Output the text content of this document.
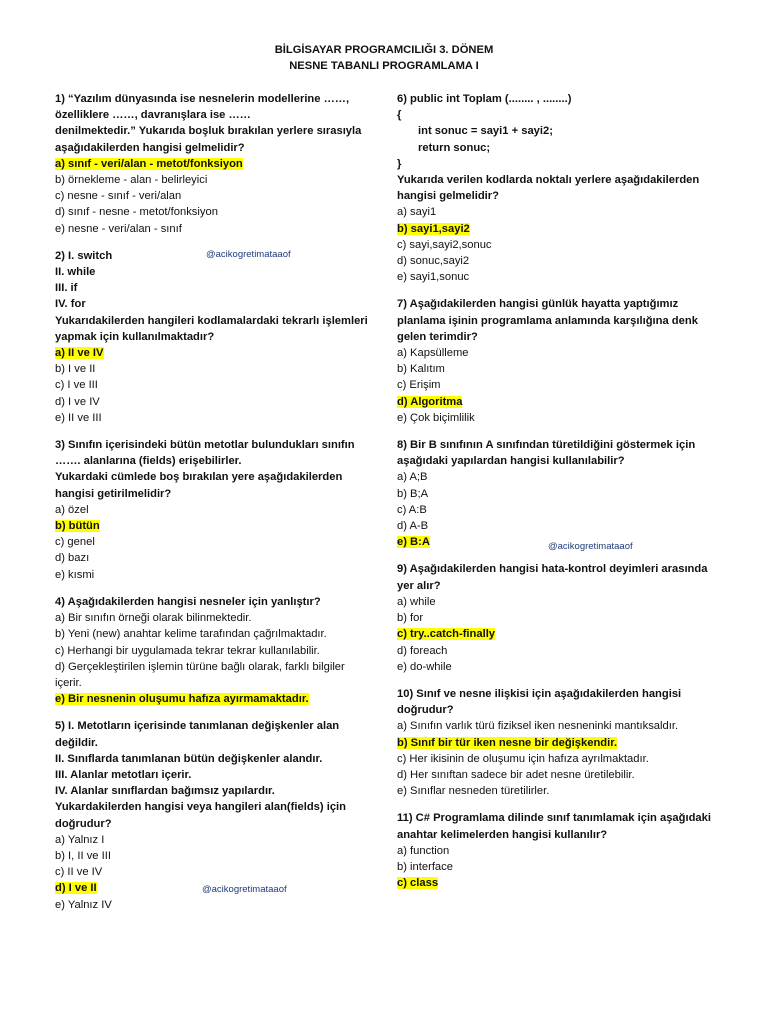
BİLGİSAYAR PROGRAMCILIĞI 3. DÖNEM
NESNE TABANLI PROGRAMLAMA I
1) “Yazılım dünyasında ise nesnelerin modellerine ……,
özelliklere ……, davranışlara ise ……
denilmektedir.” Yukarıda boşluk bırakılan yerlere sırasıyla
aşağıdakilerden hangisi gelmelidir?
a) sınıf - veri/alan - metot/fonksiyon
b) örnekleme - alan - belirleyici
c) nesne - sınıf - veri/alan
d) sınıf - nesne - metot/fonksiyon
e) nesne - veri/alan - sınıf
2) I. switch
II. while
III. if
IV. for
Yukarıdakilerden hangileri kodlamalardaki tekrarlı işlemleri
yapmak için kullanılmaktadır?
a) II ve IV
b) I ve II
c) I ve III
d) I ve IV
e) II ve III
3) Sınıfın içerisindeki bütün metotlar bulundukları sınıfın
……. alanlarına (fields) erişebilirler.
Yukardaki cümlede boş bırakılan yere aşağıdakilerden
hangisi getirilmelidir?
a) özel
b) bütün
c) genel
d) bazı
e) kısmi
4) Aşağıdakilerden hangisi nesneler için yanlıştır?
a) Bir sınıfın örneği olarak bilinmektedir.
b) Yeni (new) anahtar kelime tarafından çağrılmaktadır.
c) Herhangi bir uygulamada tekrar tekrar kullanılabilir.
d) Gerçekleştirilen işlemin türüne bağlı olarak, farklı bilgiler
içerir.
e) Bir nesnenin oluşumu hafıza ayırmamaktadır.
5) I. Metotların içerisinde tanımlanan değişkenler alan
değildir.
II. Sınıflarda tanımlanan bütün değişkenler alandır.
III. Alanlar metotları içerir.
IV. Alanlar sınıflardan bağımsız yapılardır.
Yukardakilerden hangisi veya hangileri alan(fields) için
doğrudur?
a) Yalnız I
b) I, II ve III
c) II ve IV
d) I ve II
e) Yalnız IV
6) public int Toplam (........ , ........)
{
int sonuc = sayi1 + sayi2;
return sonuc;
}
Yukarıda verilen kodlarda noktalı yerlere aşağıdakilerden
hangisi gelmelidir?
a) sayi1
b) sayi1,sayi2
c) sayi,sayi2,sonuc
d) sonuc,sayi2
e) sayi1,sonuc
7) Aşağıdakilerden hangisi günlük hayatta yaptığımız
planlama işinin programlama anlamında karşılığına denk
gelen terimdir?
a) Kapsülleme
b) Kalıtım
c) Erişim
d) Algoritma
e) Çok biçimlilik
8) Bir B sınıfının A sınıfından türetildiğini göstermek için
aşağıdaki yapılardan hangisi kullanılabilir?
a) A;B
b) B;A
c) A:B
d) A-B
e) B:A
9) Aşağıdakilerden hangisi hata-kontrol deyimleri arasında
yer alır?
a) while
b) for
c) try..catch-finally
d) foreach
e) do-while
10) Sınıf ve nesne ilişkisi için aşağıdakilerden hangisi
doğrudur?
a) Sınıfın varlık türü fiziksel iken nesneninki mantıksaldır.
b) Sınıf bir tür iken nesne bir değişkendir.
c) Her ikisinin de oluşumu için hafıza ayrılmaktadır.
d) Her sınıftan sadece bir adet nesne üretilebilir.
e) Sınıflar nesneden türetilirler.
11) C# Programlama dilinde sınıf tanımlamak için aşağıdaki
anahtar kelimelerden hangisi kullanılır?
a) function
b) interface
c) class
@acikogretimataaof
@acikogretimataaof
@acikogretimataaof
